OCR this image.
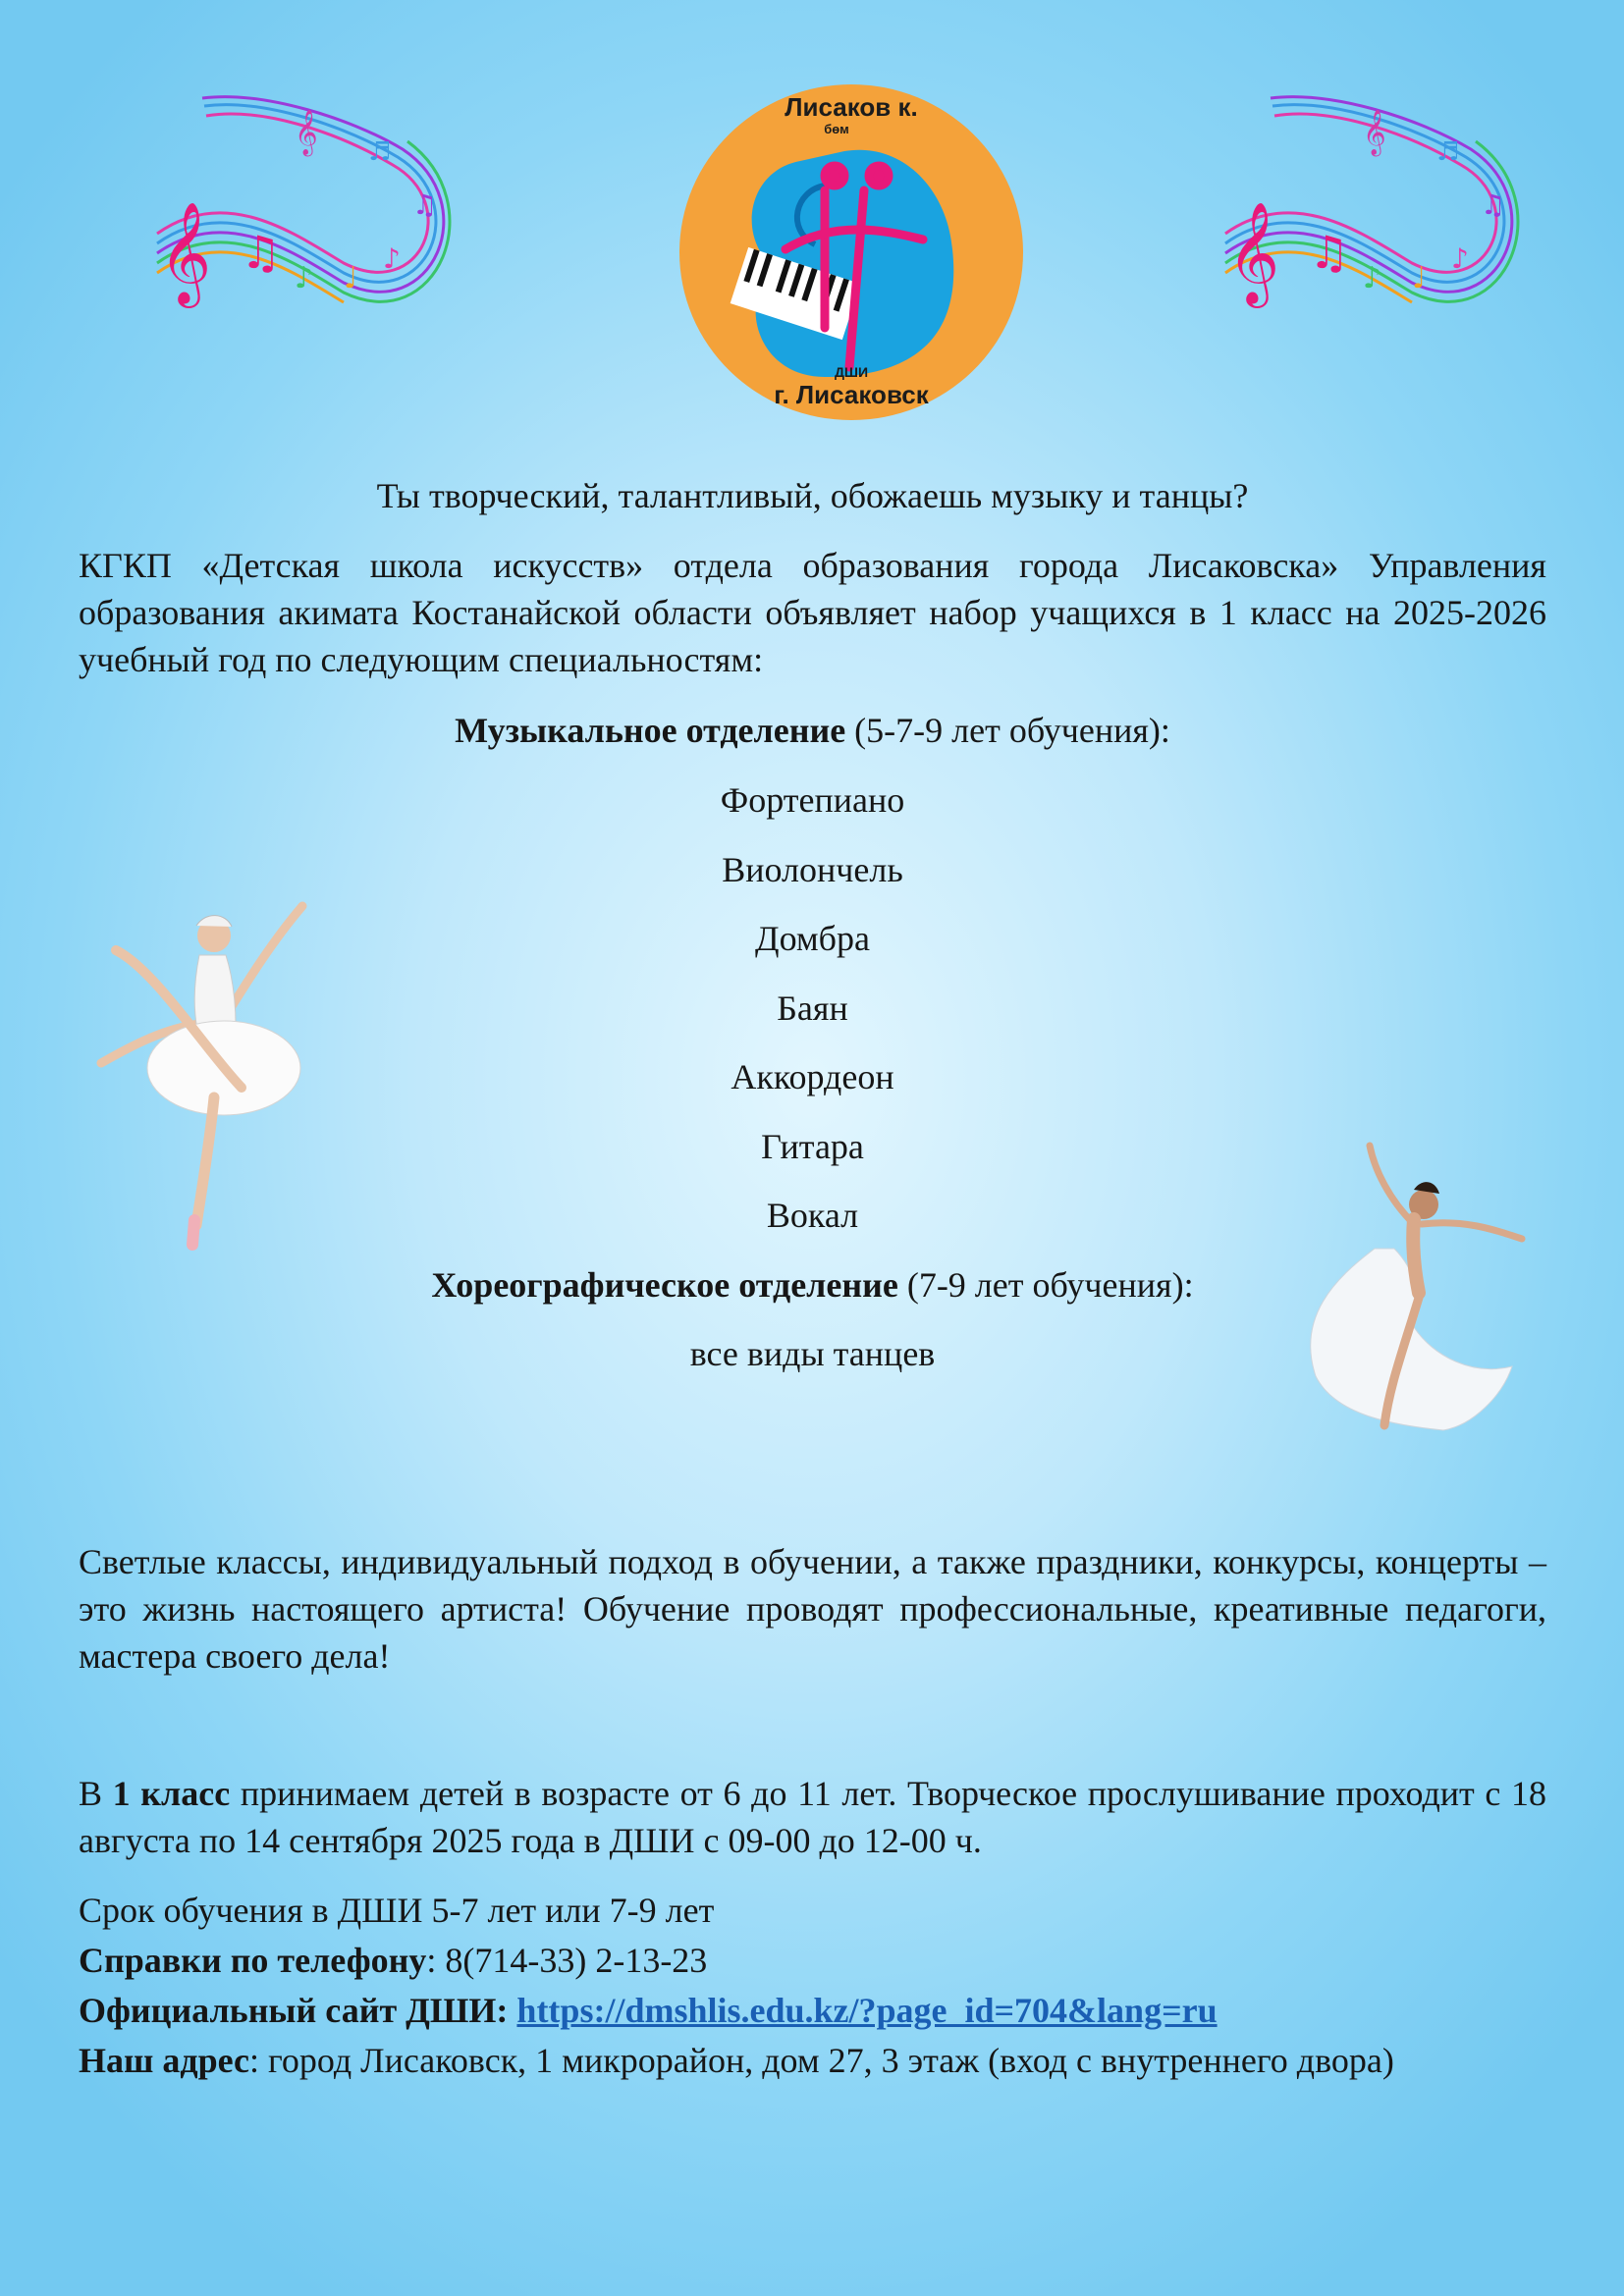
𝄞 ♫ ♪ ♩
♪
♫
♬
𝄞
Лисаков к.
бөм
ДШИ
г. Лисаковск
𝄞 ♫ ♪ ♩
♪
♫
♬
𝄞
Ты творческий, талантливый, обожаешь музыку и танцы?
КГКП «Детская школа искусств» отдела образования города Лисаковска» Управления образования акимата Костанайской области объявляет набор учащихся в 1 класс на 2025-2026 учебный год по следующим специальностям:
Музыкальное отделение (5-7-9 лет обучения):
Фортепиано
Виолончель
Домбра
Баян
Аккордеон
Гитара
Вокал
Хореографическое отделение (7-9 лет обучения):
все виды танцев
Светлые классы, индивидуальный подход в обучении, а также праздники, конкурсы, концерты – это жизнь настоящего артиста! Обучение проводят профессиональные, креативные педагоги, мастера своего дела!
В 1 класс принимаем детей в возрасте от 6 до 11 лет. Творческое прослушивание проходит с 18 августа по 14 сентября 2025 года в ДШИ с 09-00 до 12-00 ч.
Срок обучения в ДШИ 5-7 лет или 7-9 лет
Справки по телефону: 8(714-33) 2-13-23
Официальный сайт ДШИ: https://dmshlis.edu.kz/?page_id=704&lang=ru
Наш адрес: город Лисаковск, 1 микрорайон, дом 27, 3 этаж (вход с внутреннего двора)
